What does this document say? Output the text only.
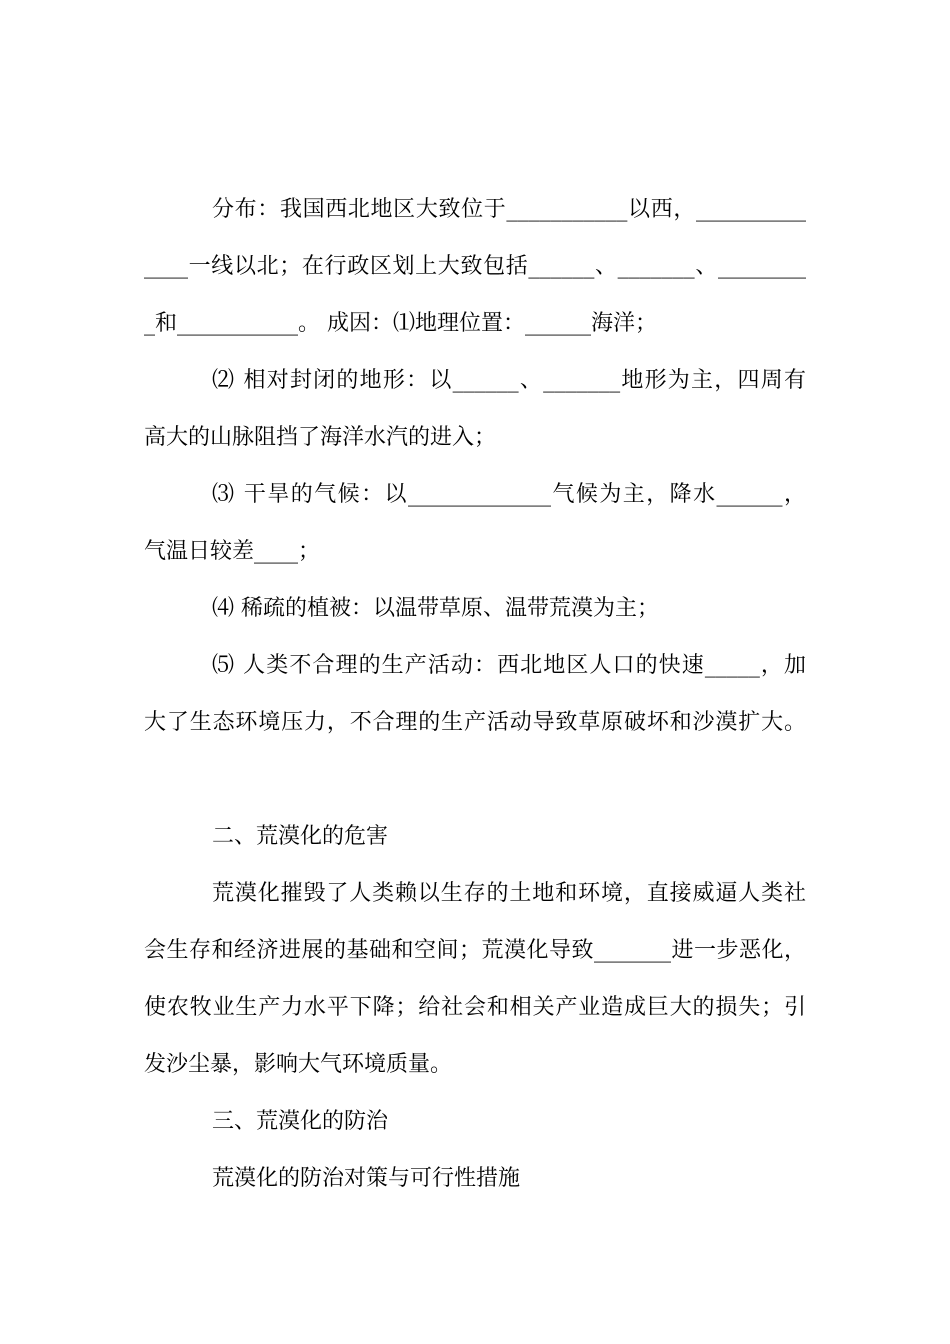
分布：我国西北地区大致位于___________以西，__________
____一线以北；在行政区划上大致包括______、_______、________
_和___________。 成因：⑴地理位置：______海洋；
⑵ 相对封闭的地形：以______、_______地形为主，四周有
高大的山脉阻挡了海洋水汽的进入；
⑶ 干旱的气候：以_____________气候为主，降水______，
气温日较差____；
⑷ 稀疏的植被：以温带草原、温带荒漠为主；
⑸ 人类不合理的生产活动：西北地区人口的快速_____，加
大了生态环境压力，不合理的生产活动导致草原破坏和沙漠扩大。
二、荒漠化的危害
荒漠化摧毁了人类赖以生存的土地和环境，直接威逼人类社
会生存和经济进展的基础和空间；荒漠化导致_______进一步恶化，
使农牧业生产力水平下降；给社会和相关产业造成巨大的损失；引
发沙尘暴，影响大气环境质量。
三、荒漠化的防治
荒漠化的防治对策与可行性措施
